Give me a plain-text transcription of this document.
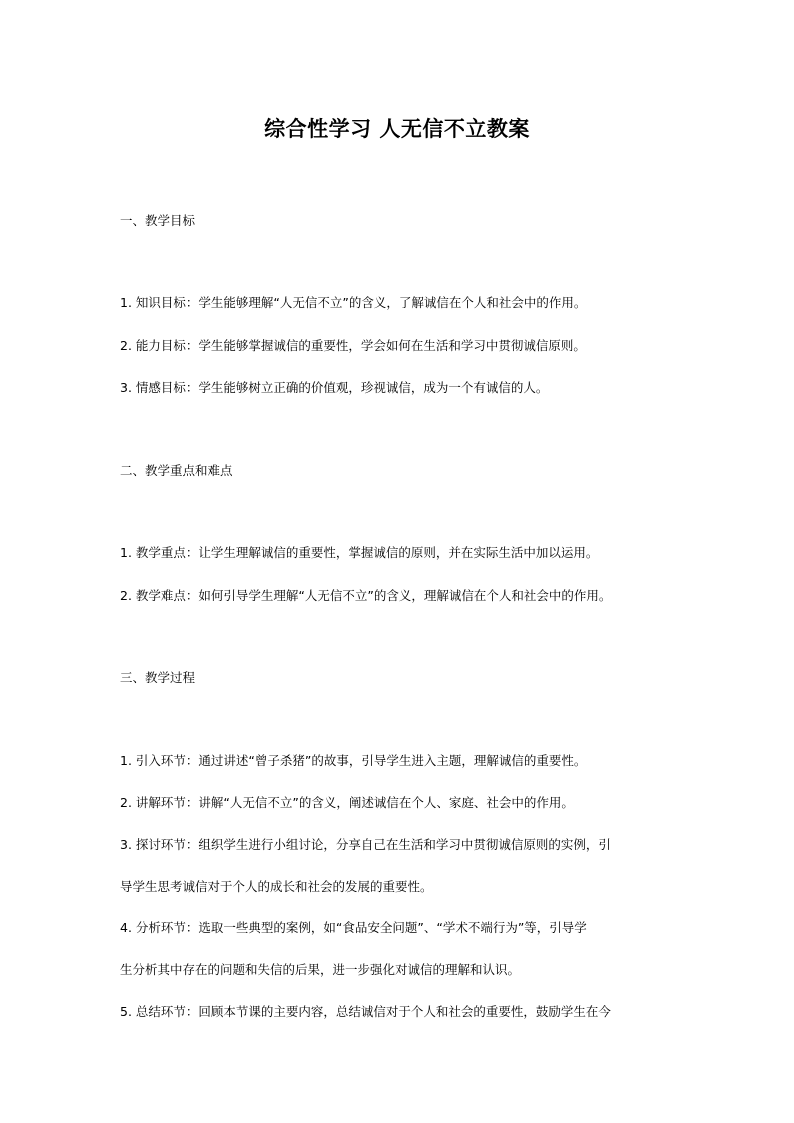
综合性学习 人无信不立教案
一、教学目标
1. 知识目标：学生能够理解“人无信不立”的含义，了解诚信在个人和社会中的作用。
2. 能力目标：学生能够掌握诚信的重要性，学会如何在生活和学习中贯彻诚信原则。
3. 情感目标：学生能够树立正确的价值观，珍视诚信，成为一个有诚信的人。
二、教学重点和难点
1. 教学重点：让学生理解诚信的重要性，掌握诚信的原则，并在实际生活中加以运用。
2. 教学难点：如何引导学生理解“人无信不立”的含义，理解诚信在个人和社会中的作用。
三、教学过程
1. 引入环节：通过讲述“曾子杀猪”的故事，引导学生进入主题，理解诚信的重要性。
2. 讲解环节：讲解“人无信不立”的含义，阐述诚信在个人、家庭、社会中的作用。
3. 探讨环节：组织学生进行小组讨论，分享自己在生活和学习中贯彻诚信原则的实例，引
导学生思考诚信对于个人的成长和社会的发展的重要性。
4. 分析环节：选取一些典型的案例，如“食品安全问题”、“学术不端行为”等，引导学
生分析其中存在的问题和失信的后果，进一步强化对诚信的理解和认识。
5. 总结环节：回顾本节课的主要内容，总结诚信对于个人和社会的重要性，鼓励学生在今
